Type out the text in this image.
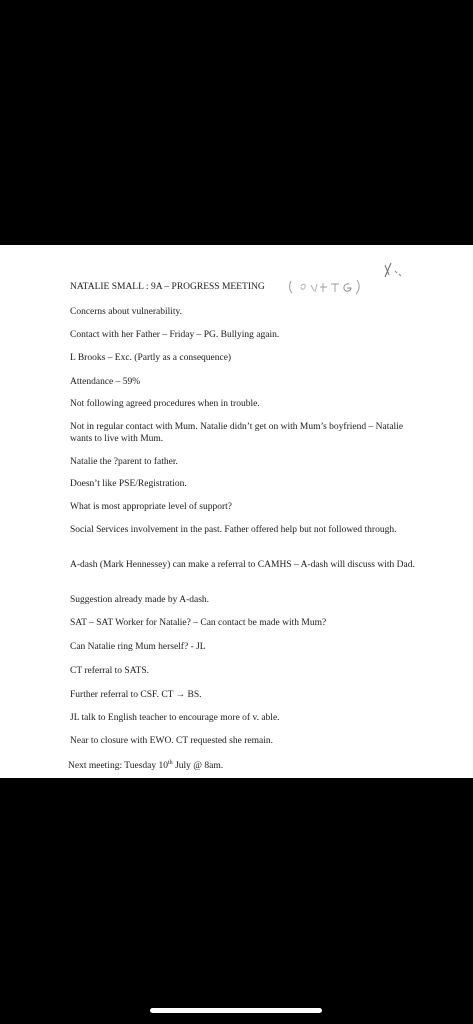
NATALIE SMALL : 9A – PROGRESS MEETING
Concerns about vulnerability.
Contact with her Father – Friday – PG. Bullying again.
L Brooks – Exc. (Partly as a consequence)
Attendance – 59%
Not following agreed procedures when in trouble.
Not in regular contact with Mum. Natalie didn’t get on with Mum’s boyfriend – Natalie wants to live with Mum.
Natalie the ?parent to father.
Doesn’t like PSE/Registration.
What is most appropriate level of support?
Social Services involvement in the past. Father offered help but not followed through.
A-dash (Mark Hennessey) can make a referral to CAMHS – A-dash will discuss with Dad.
Suggestion already made by A-dash.
SAT – SAT Worker for Natalie? – Can contact be made with Mum?
Can Natalie ring Mum herself? - JL
CT referral to SATS.
Further referral to CSF. CT → BS.
JL talk to English teacher to encourage more of v. able.
Near to closure with EWO. CT requested she remain.
Next meeting: Tuesday 10th July @ 8am.
